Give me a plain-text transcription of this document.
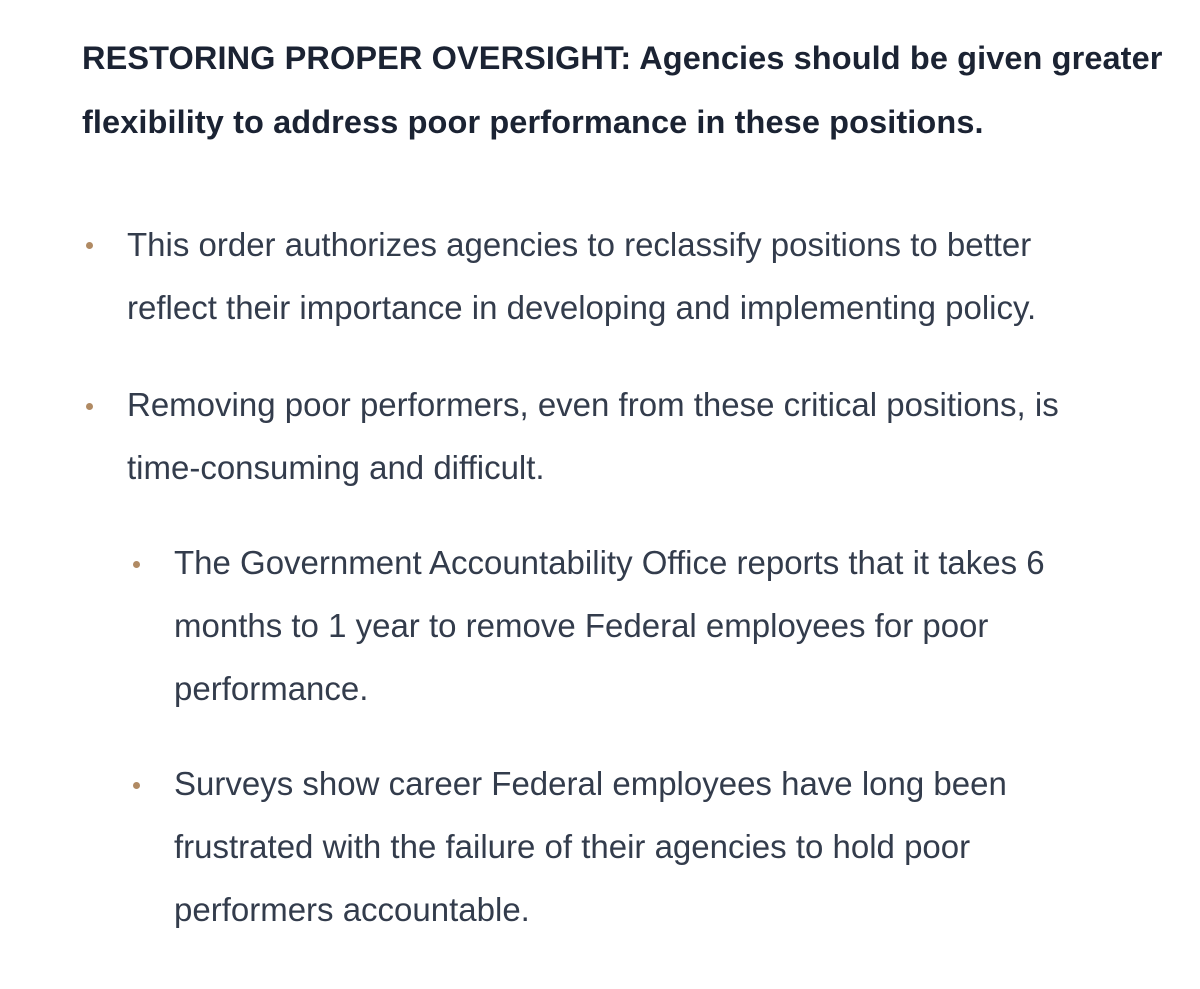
RESTORING PROPER OVERSIGHT: Agencies should be given greater
flexibility to address poor performance in these positions.

This order authorizes agencies to reclassify positions to better
reflect their importance in developing and implementing policy.

Removing poor performers, even from these critical positions, is
time-consuming and difficult.

The Government Accountability Office reports that it takes 6
months to 1 year to remove Federal employees for poor
performance.

Surveys show career Federal employees have long been
frustrated with the failure of their agencies to hold poor
performers accountable.
